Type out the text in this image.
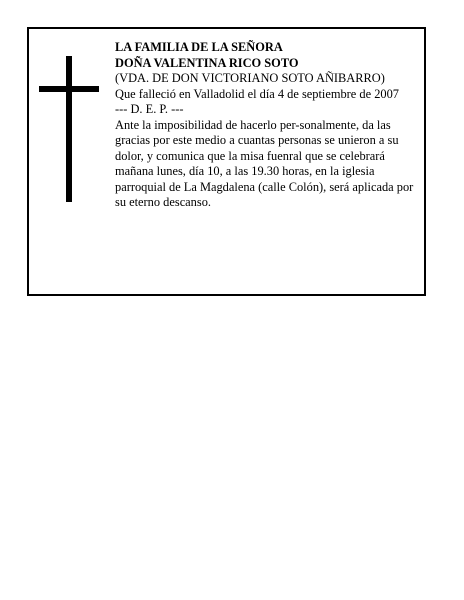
LA FAMILIA DE LA SEÑORA
DOÑA VALENTINA RICO SOTO
(VDA. DE DON VICTORIANO SOTO AÑIBARRO)
Que falleció en Valladolid el día 4 de septiembre de 2007
--- D. E. P. ---
Ante la imposibilidad de hacerlo per-sonalmente, da las gracias por este medio a cuantas personas se unieron a su dolor, y comunica que la misa fuenral que se celebrará mañana lunes, día 10, a las 19.30 horas, en la iglesia parroquial de La Magdalena (calle Colón), será aplicada por su eterno descanso.
